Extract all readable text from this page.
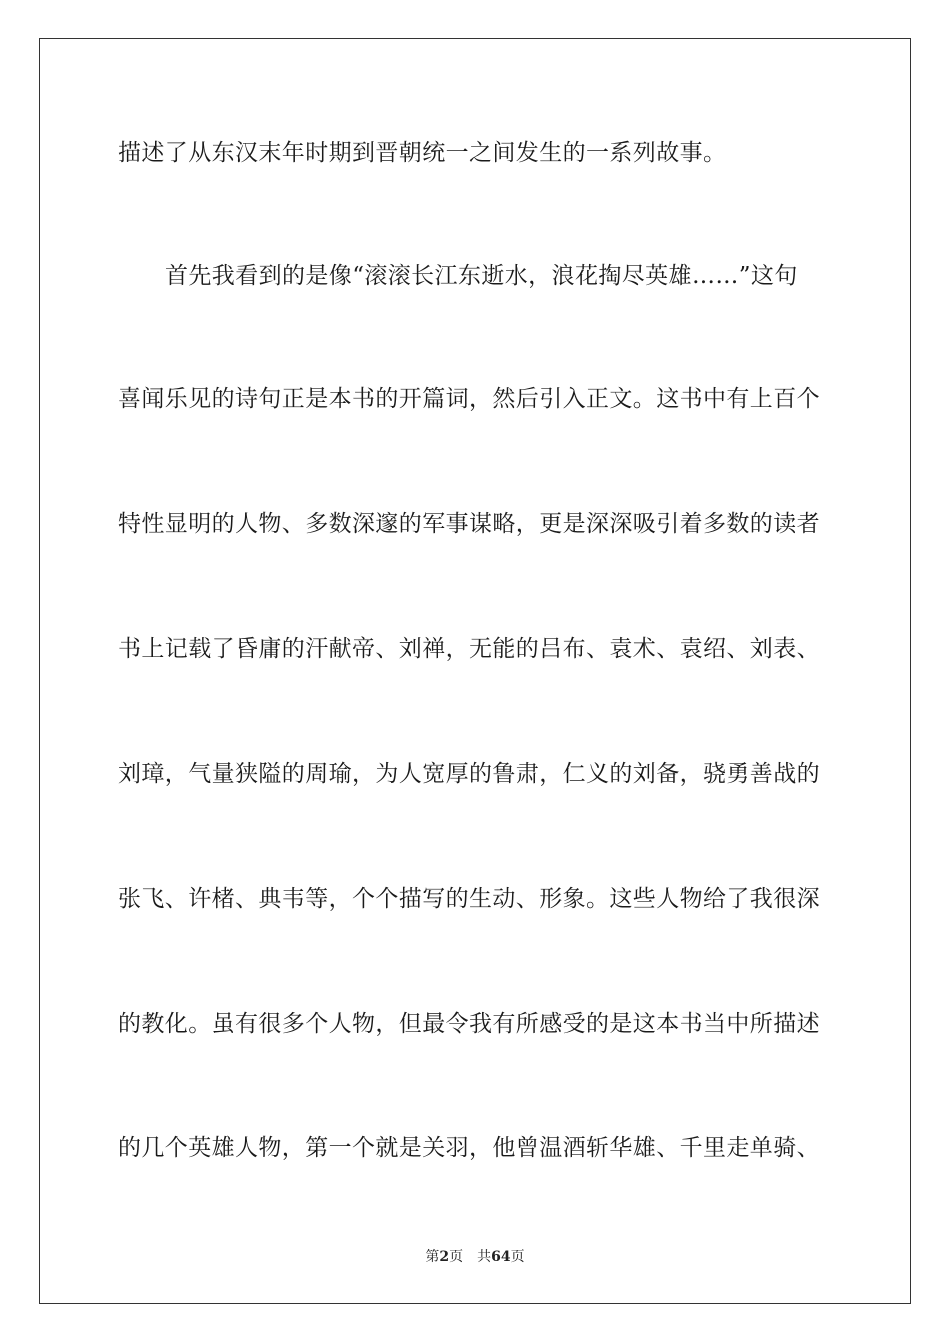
描述了从东汉末年时期到晋朝统一之间发生的一系列故事。
首先我看到的是像“滚滚长江东逝水，浪花掏尽英雄……”这句
喜闻乐见的诗句正是本书的开篇词，然后引入正文。这书中有上百个
特性显明的人物、多数深邃的军事谋略，更是深深吸引着多数的读者
书上记载了昏庸的汗献帝、刘禅，无能的吕布、袁术、袁绍、刘表、
刘璋，气量狭隘的周瑜，为人宽厚的鲁肃，仁义的刘备，骁勇善战的
张飞、许楮、典韦等，个个描写的生动、形象。这些人物给了我很深
的教化。虽有很多个人物，但最令我有所感受的是这本书当中所描述
的几个英雄人物，第一个就是关羽，他曾温酒斩华雄、千里走单骑、
第2页 共64页
